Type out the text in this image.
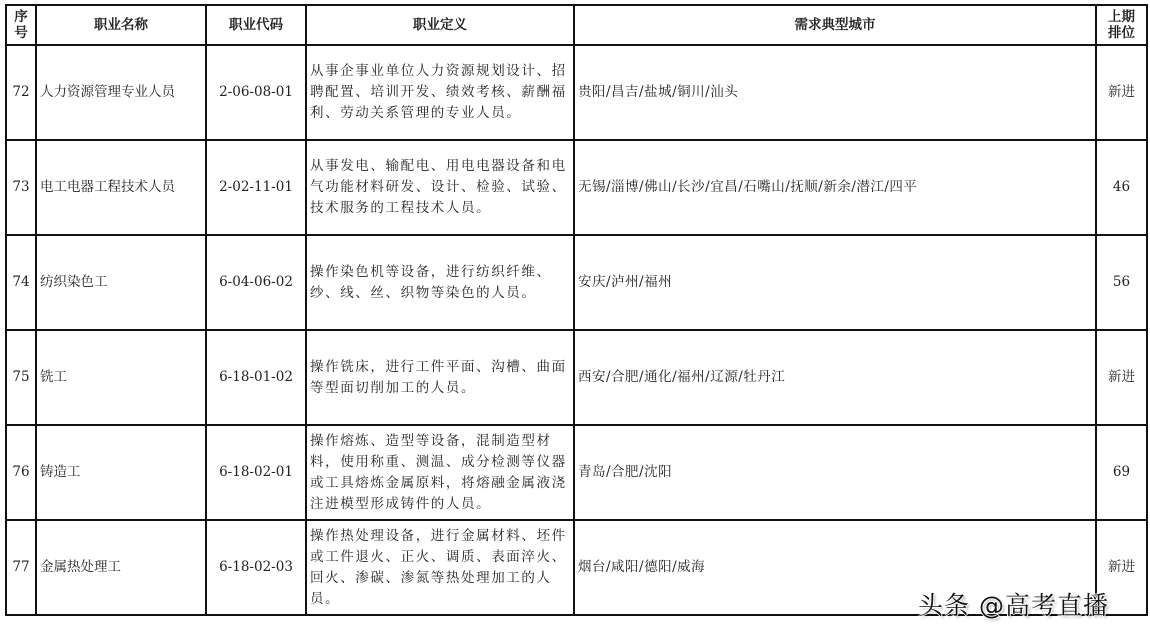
序号	职业名称	职业代码	职业定义	需求典型城市	上期排位
72	人力资源管理专业人员	2-06-08-01	从事企事业单位人力资源规划设计、招聘配置、培训开发、绩效考核、薪酬福利、劳动关系管理的专业人员。	贵阳/昌吉/盐城/铜川/汕头	新进
73	电工电器工程技术人员	2-02-11-01	从事发电、输配电、用电电器设备和电气功能材料研发、设计、检验、试验、技术服务的工程技术人员。	无锡/淄博/佛山/长沙/宜昌/石嘴山/抚顺/新余/潜江/四平	46
74	纺织染色工	6-04-06-02	操作染色机等设备，进行纺织纤维、纱、线、丝、织物等染色的人员。	安庆/泸州/福州	56
75	铣工	6-18-01-02	操作铣床，进行工件平面、沟槽、曲面等型面切削加工的人员。	西安/合肥/通化/福州/辽源/牡丹江	新进
76	铸造工	6-18-02-01	操作熔炼、造型等设备，混制造型材料，使用称重、测温、成分检测等仪器或工具熔炼金属原料，将熔融金属液浇注进模型形成铸件的人员。	青岛/合肥/沈阳	69
77	金属热处理工	6-18-02-03	操作热处理设备，进行金属材料、坯件或工件退火、正火、调质、表面淬火、回火、渗碳、渗氮等热处理加工的人员。	烟台/咸阳/德阳/威海	新进
头条 @高考直播
